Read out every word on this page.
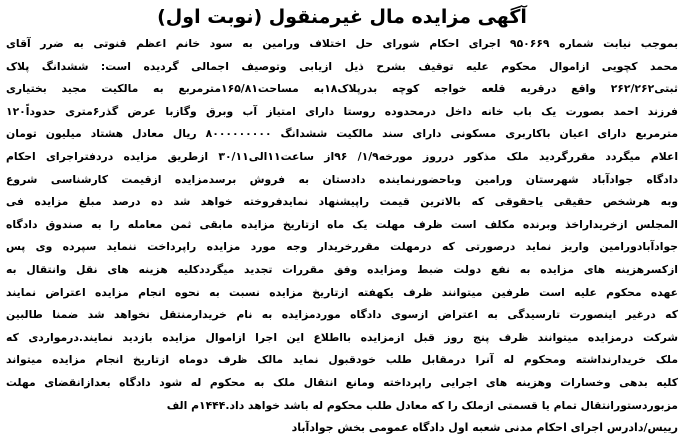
آگهی مزایده مال غیرمنقول (نوبت اول)
بموجب نیابت شماره ۹۵۰۶۶۹ اجرای احکام شورای حل اختلاف ورامین به سود خانم اعظم قنوتی به ضرر آقای
محمد کچویی ازاموال محکوم علیه توقیف بشرح ذیل ازیابی وتوصیف اجمالی گردیده است: ششدانگ پلاک
ثبتی۲۶۲/۲۶۲ واقع درقریه قلعه خواجه کوچه بدرپلاک۱۸به مساحت۱۶۵/۸۱مترمربع به مالکیت مجید بختیاری
فرزند احمد بصورت یک باب خانه داخل درمحدوده روستا دارای امتیاز آب وبرق وگازبا عرض گذر۶متری حدوداً۱۲۰
مترمربع دارای اعیان باکاربری مسکونی دارای سند مالکیت ششدانگ ۸۰۰۰۰۰۰۰۰۰ ریال معادل هشتاد میلیون تومان
اعلام میگردد مقررگردید ملک مذکور درروز مورخه۱/۹/ ۹۶از ساعت۱۱الی۳۰/۱۱ ازطریق مزایده دردفتراجرای احکام
دادگاه جوادآباد شهرستان ورامین وباحضورنماینده دادستان به فروش برسدمزایده ازقیمت کارشناسی شروع
وبه هرشخص حقیقی یاحقوقی که بالاترین قیمت راپیشنهاد نمایدفروخته خواهد شد ده درصد مبلغ مزایده فی
المجلس ازخریداراخذ وبرنده مکلف است ظرف مهلت یک ماه ازتاریخ مزایده مابقی ثمن معامله را به صندوق دادگاه
جوادآبادورامین واریز نماید درصورتی که درمهلت مقررخریدار وجه مورد مزایده راپرداخت ننماید سپرده وی پس
ازکسرهزینه های مزایده به نفع دولت ضبط ومزایده وفق مقررات تجدید میگرددکلیه هزینه های نقل وانتقال به
عهده محکوم علیه است طرفین میتوانند ظرف یکهفته ازتاریخ مزایده نسبت به نحوه انجام مزایده اعتراض نمایند
که درغیر اینصورت تارسیدگی به اعتراض ازسوی دادگاه موردمزایده به نام خریدارمنتقل نخواهد شد ضمنا طالبین
شرکت درمزایده میتوانند ظرف پنج روز قبل ازمزایده بااطلاع این اجرا ازاموال مزایده بازدید نمایند.درمواردی که
ملک خریدارنداشته ومحکوم له آنرا درمقابل طلب خودقبول نماید مالک ظرف دوماه ازتاریخ انجام مزایده میتواند
کلیه بدهی وخسارات وهزینه های اجرایی راپرداخته ومانع انتقال ملک به محکوم له شود دادگاه بعدازانقضای مهلت
مزبوردستورانتقال تمام یا قسمتی ازملک را که معادل طلب محکوم له باشد خواهد داد.۱۴۴۴م الف
رییس/دادرس اجرای احکام مدنی شعبه اول دادگاه عمومی بخش جوادآباد
